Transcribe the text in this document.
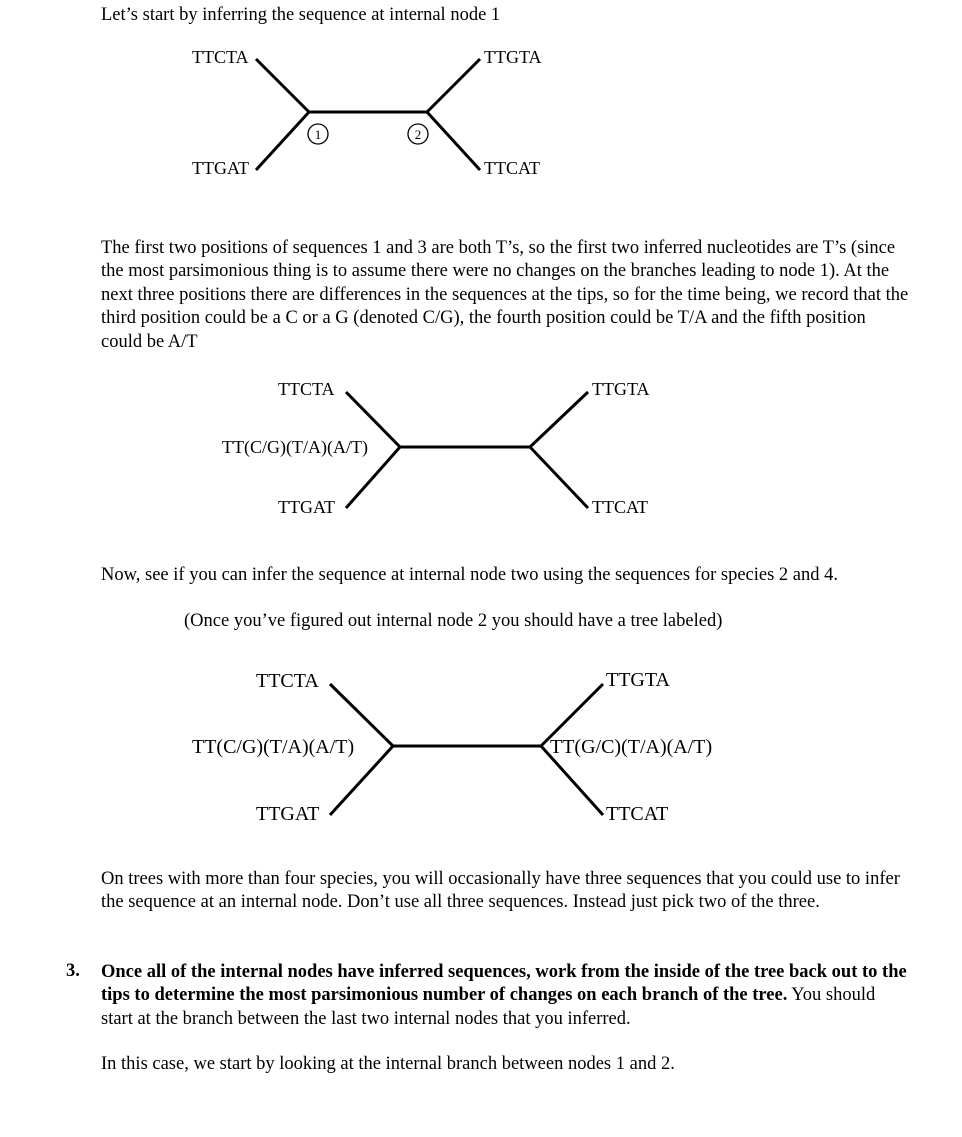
Let’s start by inferring the sequence at internal node 1
1	2
TTCTA	TTGTA
TTGAT	TTCAT

The first two positions of sequences 1 and 3 are both T’s, so the first two inferred nucleotides are T’s (since the most parsimonious thing is to assume there were no changes on the branches leading to node 1). At the next three positions there are differences in the sequences at the tips, so for the time being, we record that the third position could be a C or a G (denoted C/G), the fourth position could be T/A and the fifth position could be A/T

TTCTA	TTGTA
TT(C/G)(T/A)(A/T)
TTGAT	TTCAT
Now, see if you can infer the sequence at internal node two using the sequences for species 2 and 4.
(Once you’ve figured out internal node 2 you should have a tree labeled)
TTCTA	TTGTA
TT(C/G)(T/A)(A/T)	TT(G/C)(T/A)(A/T)
TTGAT	TTCAT

On trees with more than four species, you will occasionally have three sequences that you could use to infer the sequence at an internal node. Don’t use all three sequences. Instead just pick two of the three.

3. Once all of the internal nodes have inferred sequences, work from the inside of the tree back out to the tips to determine the most parsimonious number of changes on each branch of the tree. You should start at the branch between the last two internal nodes that you inferred.

In this case, we start by looking at the internal branch between nodes 1 and 2.
